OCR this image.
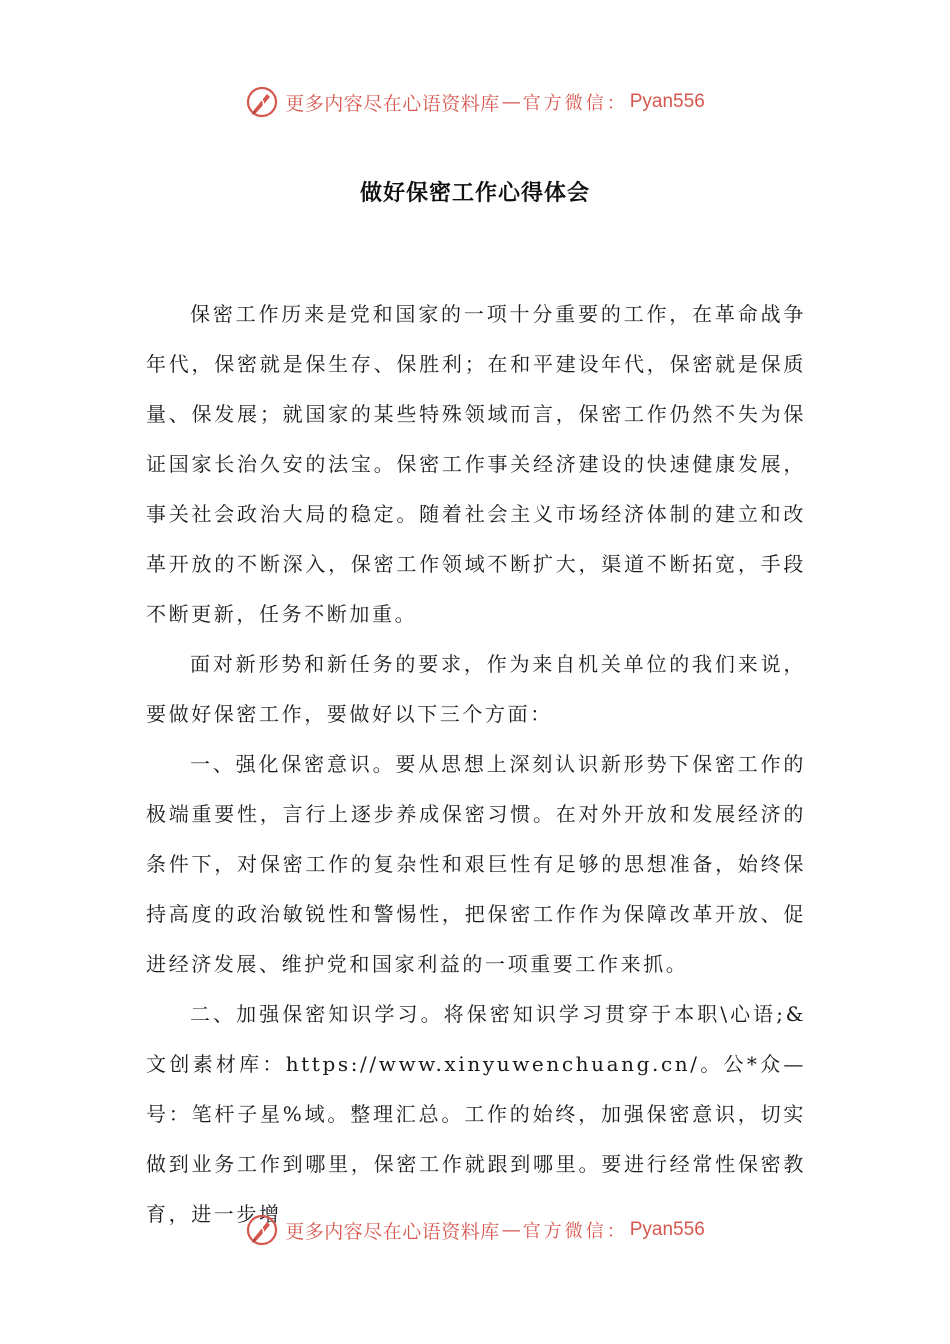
更多内容尽在心语资料库 — 官方微信： Pyan556
做好保密工作心得体会

保密工作历来是党和国家的一项十分重要的工作，在革命战争年代，保密就是保生存、保胜利；在和平建设年代，保密就是保质量、保发展；就国家的某些特殊领域而言，保密工作仍然不失为保证国家长治久安的法宝。保密工作事关经济建设的快速健康发展，事关社会政治大局的稳定。随着社会主义市场经济体制的建立和改革开放的不断深入，保密工作领域不断扩大，渠道不断拓宽，手段不断更新，任务不断加重。

面对新形势和新任务的要求，作为来自机关单位的我们来说，要做好保密工作，要做好以下三个方面：

一、强化保密意识。要从思想上深刻认识新形势下保密工作的极端重要性，言行上逐步养成保密习惯。在对外开放和发展经济的条件下，对保密工作的复杂性和艰巨性有足够的思想准备，始终保持高度的政治敏锐性和警惕性，把保密工作作为保障改革开放、促进经济发展、维护党和国家利益的一项重要工作来抓。

二、加强保密知识学习。将保密知识学习贯穿于本职\心语;&文创素材库：https://www.xinyuwenchuang.cn/。公*众—号：笔杆子星%域。整理汇总。工作的始终，加强保密意识，切实做到业务工作到哪里，保密工作就跟到哪里。要进行经常性保密教育，进一步增

更多内容尽在心语资料库 — 官方微信： Pyan556
